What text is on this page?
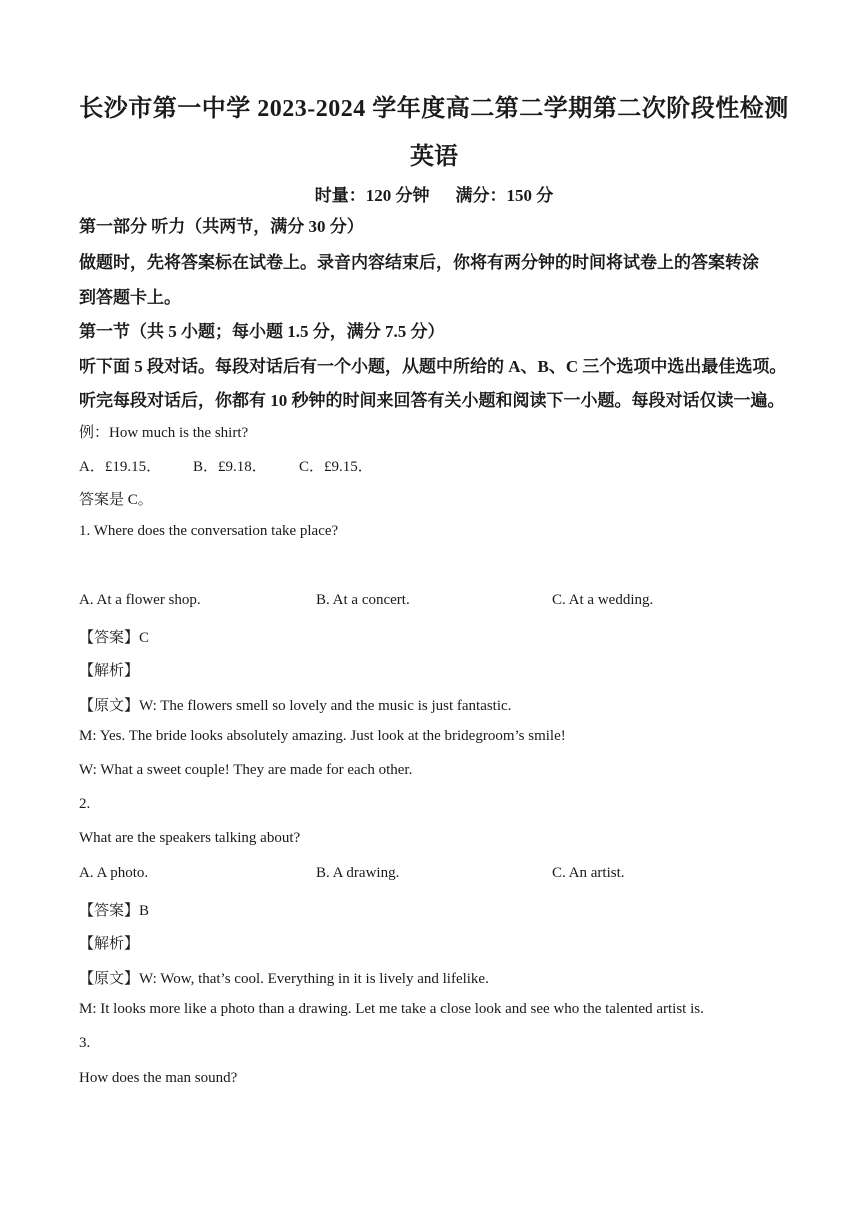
长沙市第一中学 2023-2024 学年度高二第二学期第二次阶段性检测
英语
时量：120 分钟 满分：150 分
第一部分 听力（共两节，满分 30 分）
做题时，先将答案标在试卷上。录音内容结束后，你将有两分钟的时间将试卷上的答案转涂
到答题卡上。
第一节（共 5 小题；每小题 1.5 分，满分 7.5 分）
听下面 5 段对话。每段对话后有一个小题，从题中所给的 A、B、C 三个选项中选出最佳选项。
听完每段对话后，你都有 10 秒钟的时间来回答有关小题和阅读下一小题。每段对话仅读一遍。
例：How much is the shirt?
A．£19.15． B．£9.18． C．£9.15．
答案是 C。
1. Where does the conversation take place?
A. At a flower shop.	B. At a concert.	C. At a wedding.
【答案】C
【解析】
【原文】W: The flowers smell so lovely and the music is just fantastic.
M: Yes. The bride looks absolutely amazing. Just look at the bridegroom’s smile!
W: What a sweet couple! They are made for each other.
2.
What are the speakers talking about?
A. A photo.	B. A drawing.	C. An artist.
【答案】B
【解析】
【原文】W: Wow, that’s cool. Everything in it is lively and lifelike.
M: It looks more like a photo than a drawing. Let me take a close look and see who the talented artist is.
3.
How does the man sound?
